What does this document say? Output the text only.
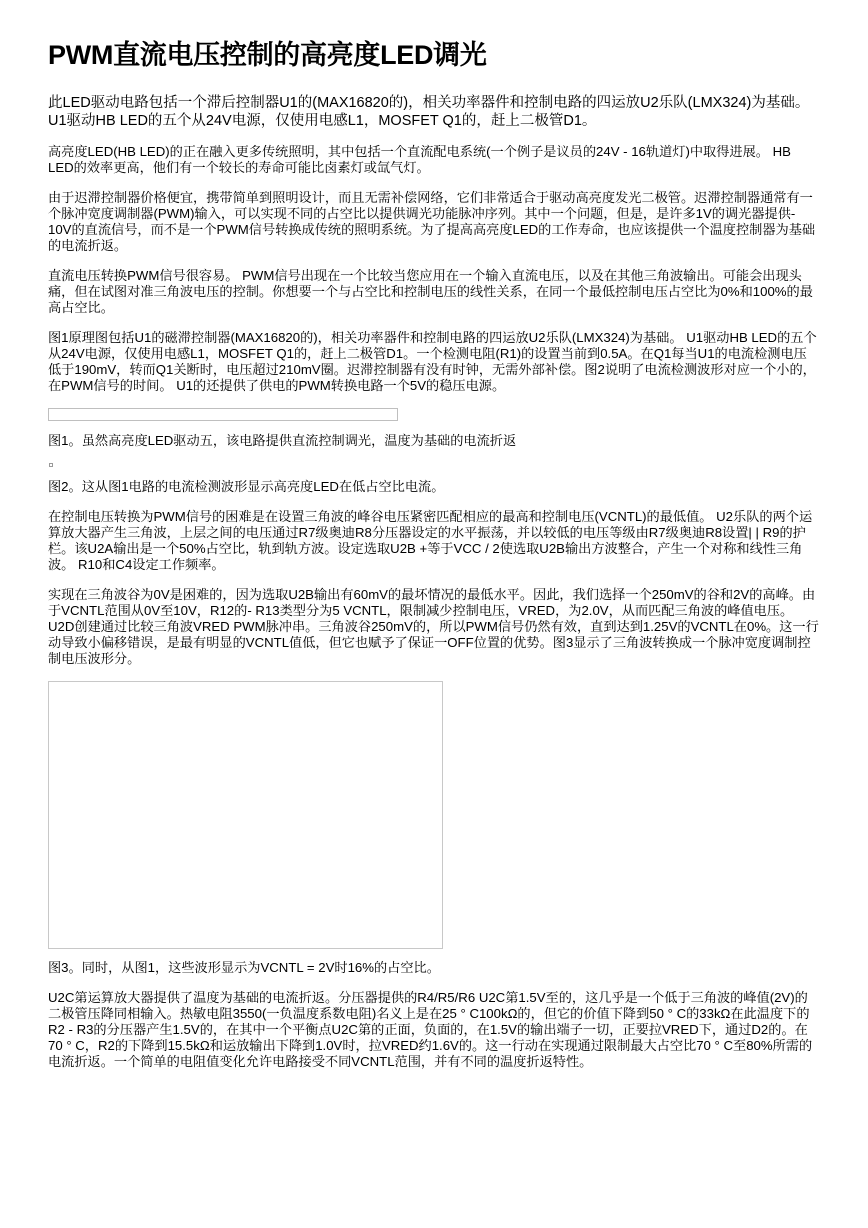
PWM直流电压控制的高亮度LED调光

此LED驱动电路包括一个滞后控制器U1的(MAX16820的)，相关功率器件和控制电路的四运放U2乐队(LMX324)为基础。 U1驱动HB LED的五个从24V电源，仅使用电感L1，MOSFET Q1的，赶上二极管D1。

高亮度LED(HB LED)的正在融入更多传统照明，其中包括一个直流配电系统(一个例子是议员的24V - 16轨道灯)中取得进展。 HB LED的效率更高，他们有一个较长的寿命可能比卤素灯或氙气灯。

由于迟滞控制器价格便宜，携带简单到照明设计，而且无需补偿网络，它们非常适合于驱动高亮度发光二极管。迟滞控制器通常有一个脉冲宽度调制器(PWM)输入，可以实现不同的占空比以提供调光功能脉冲序列。其中一个问题，但是，是许多1V的调光器提供- 10V的直流信号，而不是一个PWM信号转换成传统的照明系统。为了提高高亮度LED的工作寿命，也应该提供一个温度控制器为基础的电流折返。

直流电压转换PWM信号很容易。 PWM信号出现在一个比较当您应用在一个输入直流电压，以及在其他三角波输出。可能会出现头痛，但在试图对准三角波电压的控制。你想要一个与占空比和控制电压的线性关系，在同一个最低控制电压占空比为0%和100%的最高占空比。

图1原理图包括U1的磁滞控制器(MAX16820的)，相关功率器件和控制电路的四运放U2乐队(LMX324)为基础。 U1驱动HB LED的五个从24V电源，仅使用电感L1，MOSFET Q1的，赶上二极管D1。一个检测电阻(R1)的设置当前到0.5A。在Q1每当U1的电流检测电压低于190mV，转而Q1关断时，电压超过210mV圈。迟滞控制器有没有时钟，无需外部补偿。图2说明了电流检测波形对应一个小的，在PWM信号的时间。 U1的还提供了供电的PWM转换电路一个5V的稳压电源。

图1。虽然高亮度LED驱动五，该电路提供直流控制调光，温度为基础的电流折返

图2。这从图1电路的电流检测波形显示高亮度LED在低占空比电流。

在控制电压转换为PWM信号的困难是在设置三角波的峰谷电压紧密匹配相应的最高和控制电压(VCNTL)的最低值。 U2乐队的两个运算放大器产生三角波，上层之间的电压通过R7级奥迪R8分压器设定的水平振荡，并以较低的电压等级由R7级奥迪R8设置| | R9的护栏。该U2A输出是一个50%占空比，轨到轨方波。设定选取U2B +等于VCC / 2使选取U2B输出方波整合，产生一个对称和线性三角波。 R10和C4设定工作频率。

实现在三角波谷为0V是困难的，因为选取U2B输出有60mV的最坏情况的最低水平。因此，我们选择一个250mV的谷和2V的高峰。由于VCNTL范围从0V至10V，R12的- R13类型分为5 VCNTL，限制减少控制电压，VRED，为2.0V，从而匹配三角波的峰值电压。 U2D创建通过比较三角波VRED PWM脉冲串。三角波谷250mV的，所以PWM信号仍然有效，直到达到1.25V的VCNTL在0%。这一行动导致小偏移错误，是最有明显的VCNTL值低，但它也赋予了保证一OFF位置的优势。图3显示了三角波转换成一个脉冲宽度调制控制电压波形分。

图3。同时，从图1，这些波形显示为VCNTL = 2V时16%的占空比。

U2C第运算放大器提供了温度为基础的电流折返。分压器提供的R4/R5/R6 U2C第1.5V至的，这几乎是一个低于三角波的峰值(2V)的二极管压降同相输入。热敏电阻3550(一负温度系数电阻)名义上是在25 ° C100kΩ的，但它的价值下降到50 ° C的33kΩ在此温度下的R2 - R3的分压器产生1.5V的，在其中一个平衡点U2C第的正面，负面的，在1.5V的输出端子一切，正要拉VRED下，通过D2的。在70 ° C，R2的下降到15.5kΩ和运放输出下降到1.0V时，拉VRED约1.6V的。这一行动在实现通过限制最大占空比70 ° C至80%所需的电流折返。一个简单的电阻值变化允许电路接受不同VCNTL范围，并有不同的温度折返特性。
